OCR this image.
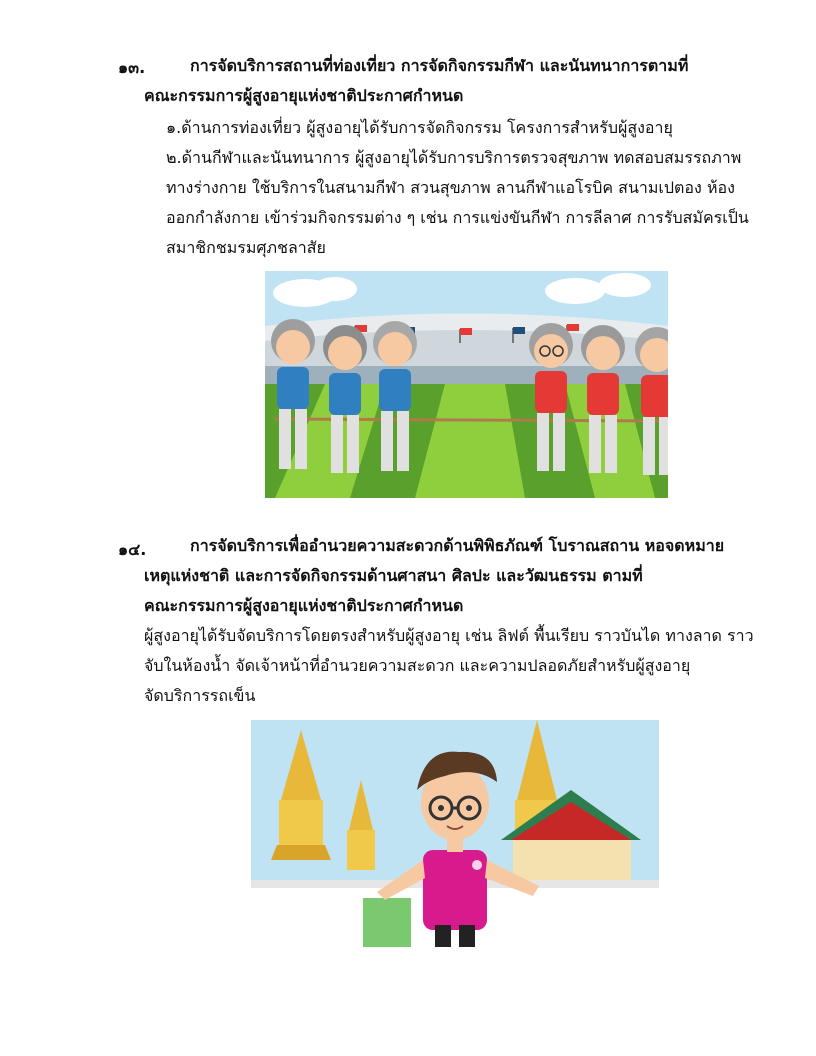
๑๓.	การจัดบริการสถานที่ท่องเที่ยว การจัดกิจกรรมกีฬา และนันทนาการตามที่
คณะกรรมการผู้สูงอายุแห่งชาติประกาศกำหนด
๑.ด้านการท่องเที่ยว ผู้สูงอายุได้รับการจัดกิจกรรม โครงการสำหรับผู้สูงอายุ
๒.ด้านกีฬาและนันทนาการ ผู้สูงอายุได้รับการบริการตรวจสุขภาพ ทดสอบสมรรถภาพ
ทางร่างกาย ใช้บริการในสนามกีฬา สวนสุขภาพ ลานกีฬาแอโรบิค สนามเปตอง ห้อง
ออกกำลังกาย เข้าร่วมกิจกรรมต่าง ๆ เช่น การแข่งขันกีฬา การลีลาศ การรับสมัครเป็น
สมาชิกชมรมศุภชลาสัย
๑๔.	การจัดบริการเพื่ออำนวยความสะดวกด้านพิพิธภัณฑ์ โบราณสถาน หอจดหมาย
เหตุแห่งชาติ และการจัดกิจกรรมด้านศาสนา ศิลปะ และวัฒนธรรม ตามที่
คณะกรรมการผู้สูงอายุแห่งชาติประกาศกำหนด
ผู้สูงอายุได้รับจัดบริการโดยตรงสำหรับผู้สูงอายุ เช่น ลิฟต์ พื้นเรียบ ราวบันได ทางลาด ราว
จับในห้องน้ำ จัดเจ้าหน้าที่อำนวยความสะดวก และความปลอดภัยสำหรับผู้สูงอายุ
จัดบริการรถเข็น
